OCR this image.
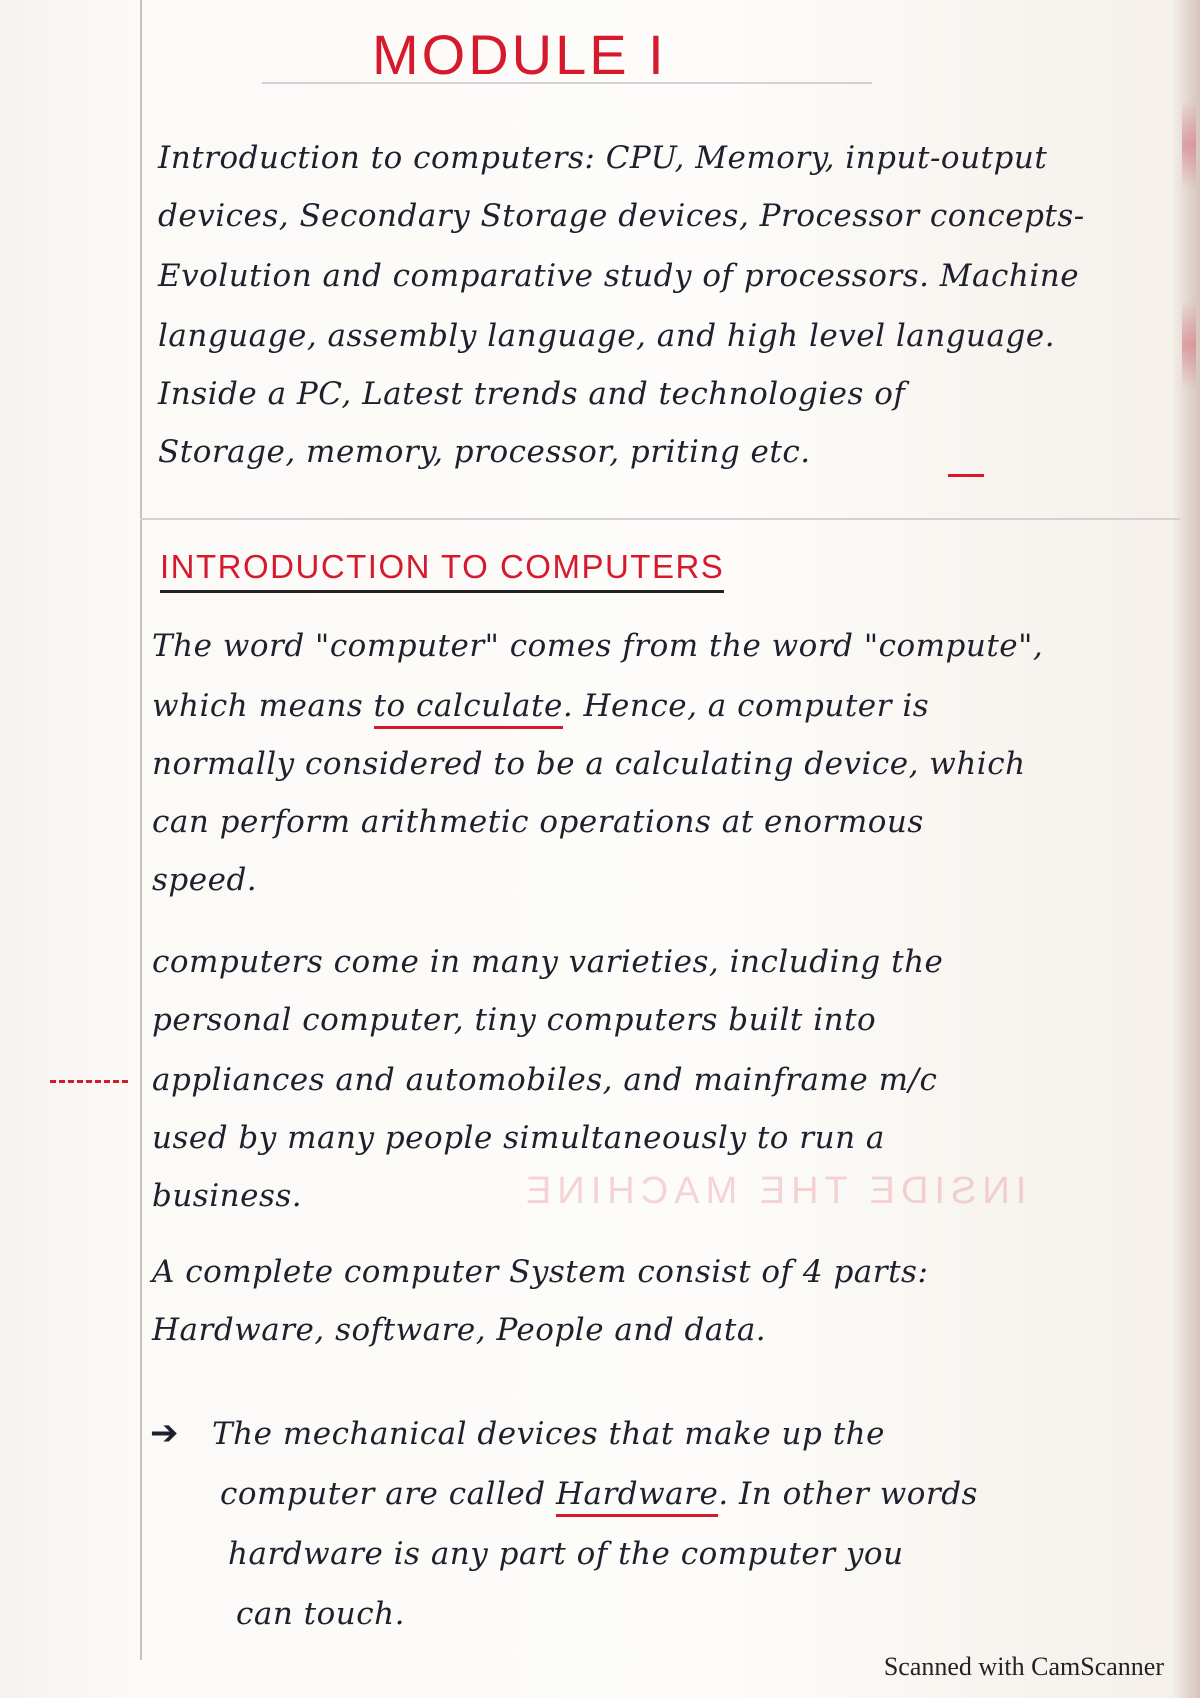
MODULE I
Introduction to computers: CPU, Memory, input-output
devices, Secondary Storage devices, Processor concepts-
Evolution and comparative study of processors. Machine
language, assembly language, and high level language.
Inside a PC, Latest trends and technologies of
Storage, memory, processor, priting etc.
INTRODUCTION TO COMPUTERS
The word "computer" comes from the word "compute",
which means to calculate. Hence, a computer is
normally considered to be a calculating device, which
can perform arithmetic operations at enormous
speed.
computers come in many varieties, including the
personal computer, tiny computers built into
appliances and automobiles, and mainframe m/c
used by many people simultaneously to run a
business.	INSIDE THE MACHINE
A complete computer System consist of 4 parts:
Hardware, software, People and data.
➔	The mechanical devices that make up the
computer are called Hardware. In other words
hardware is any part of the computer you
can touch.
Scanned with CamScanner
